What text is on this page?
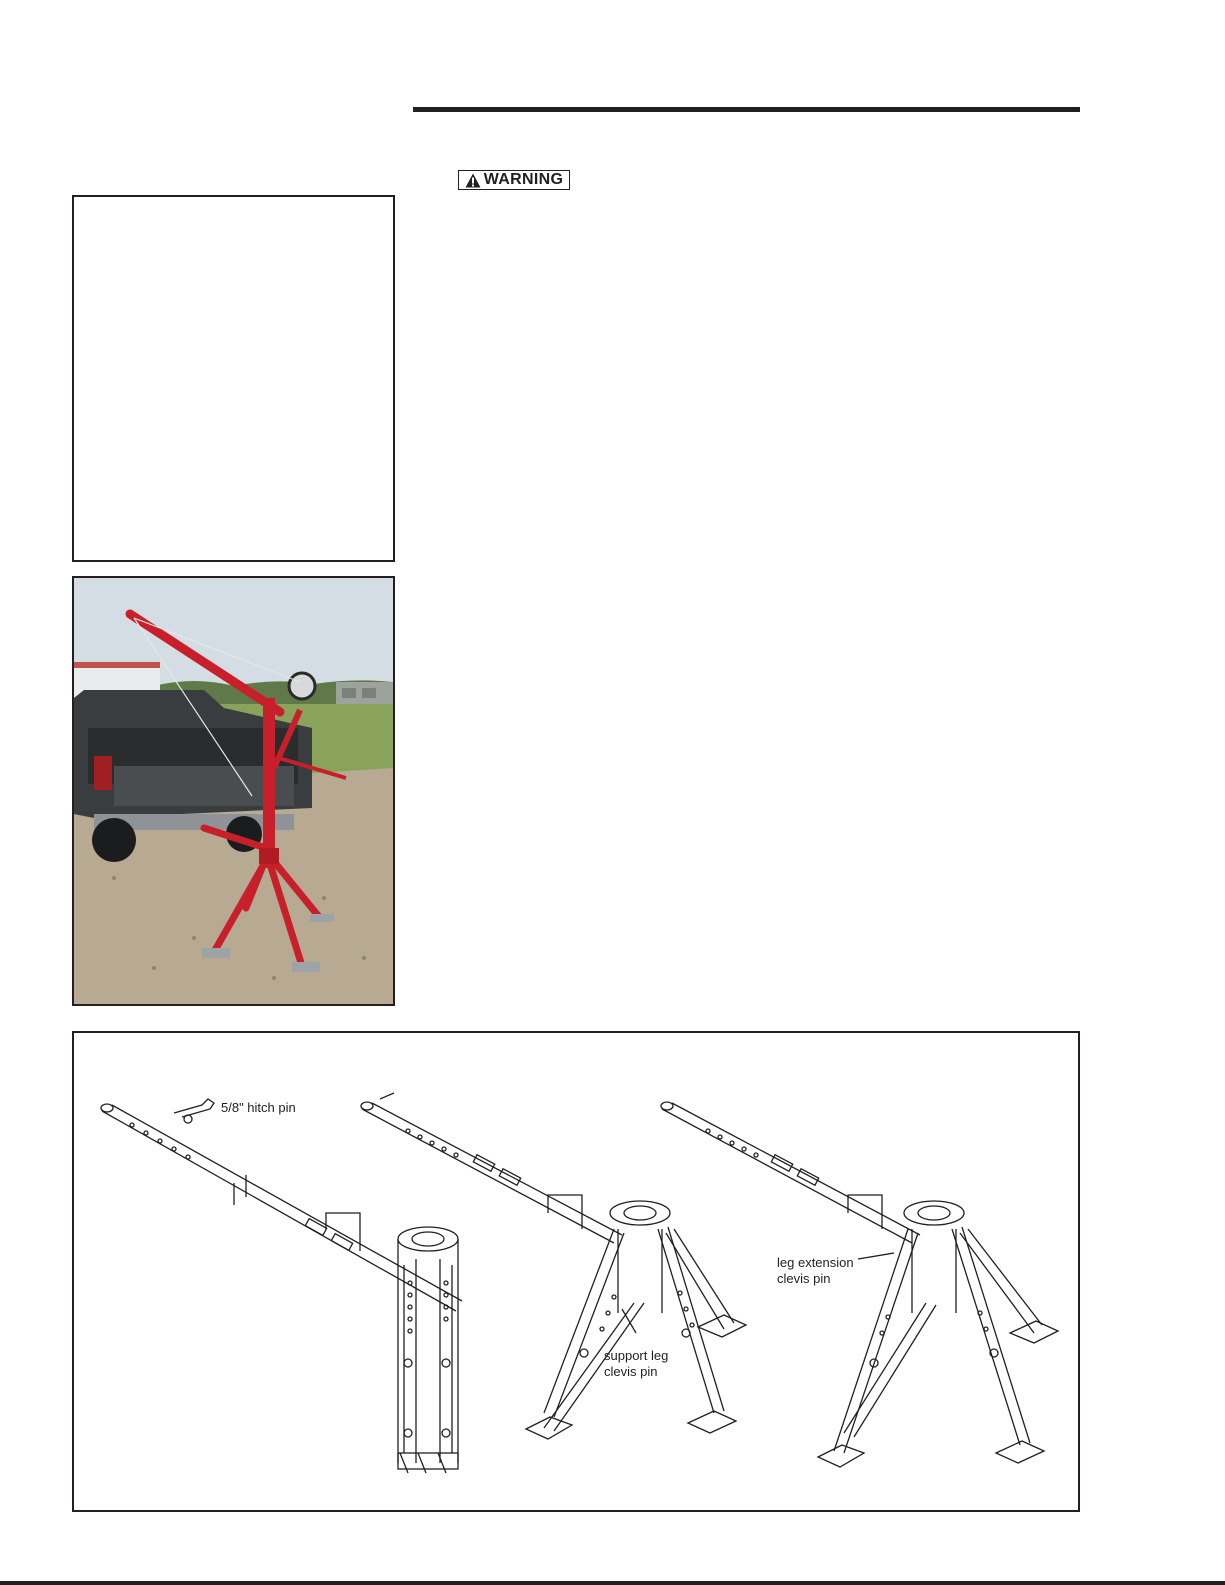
WARNING
5/8" hitch pin
support leg
clevis pin
leg extension
clevis pin
